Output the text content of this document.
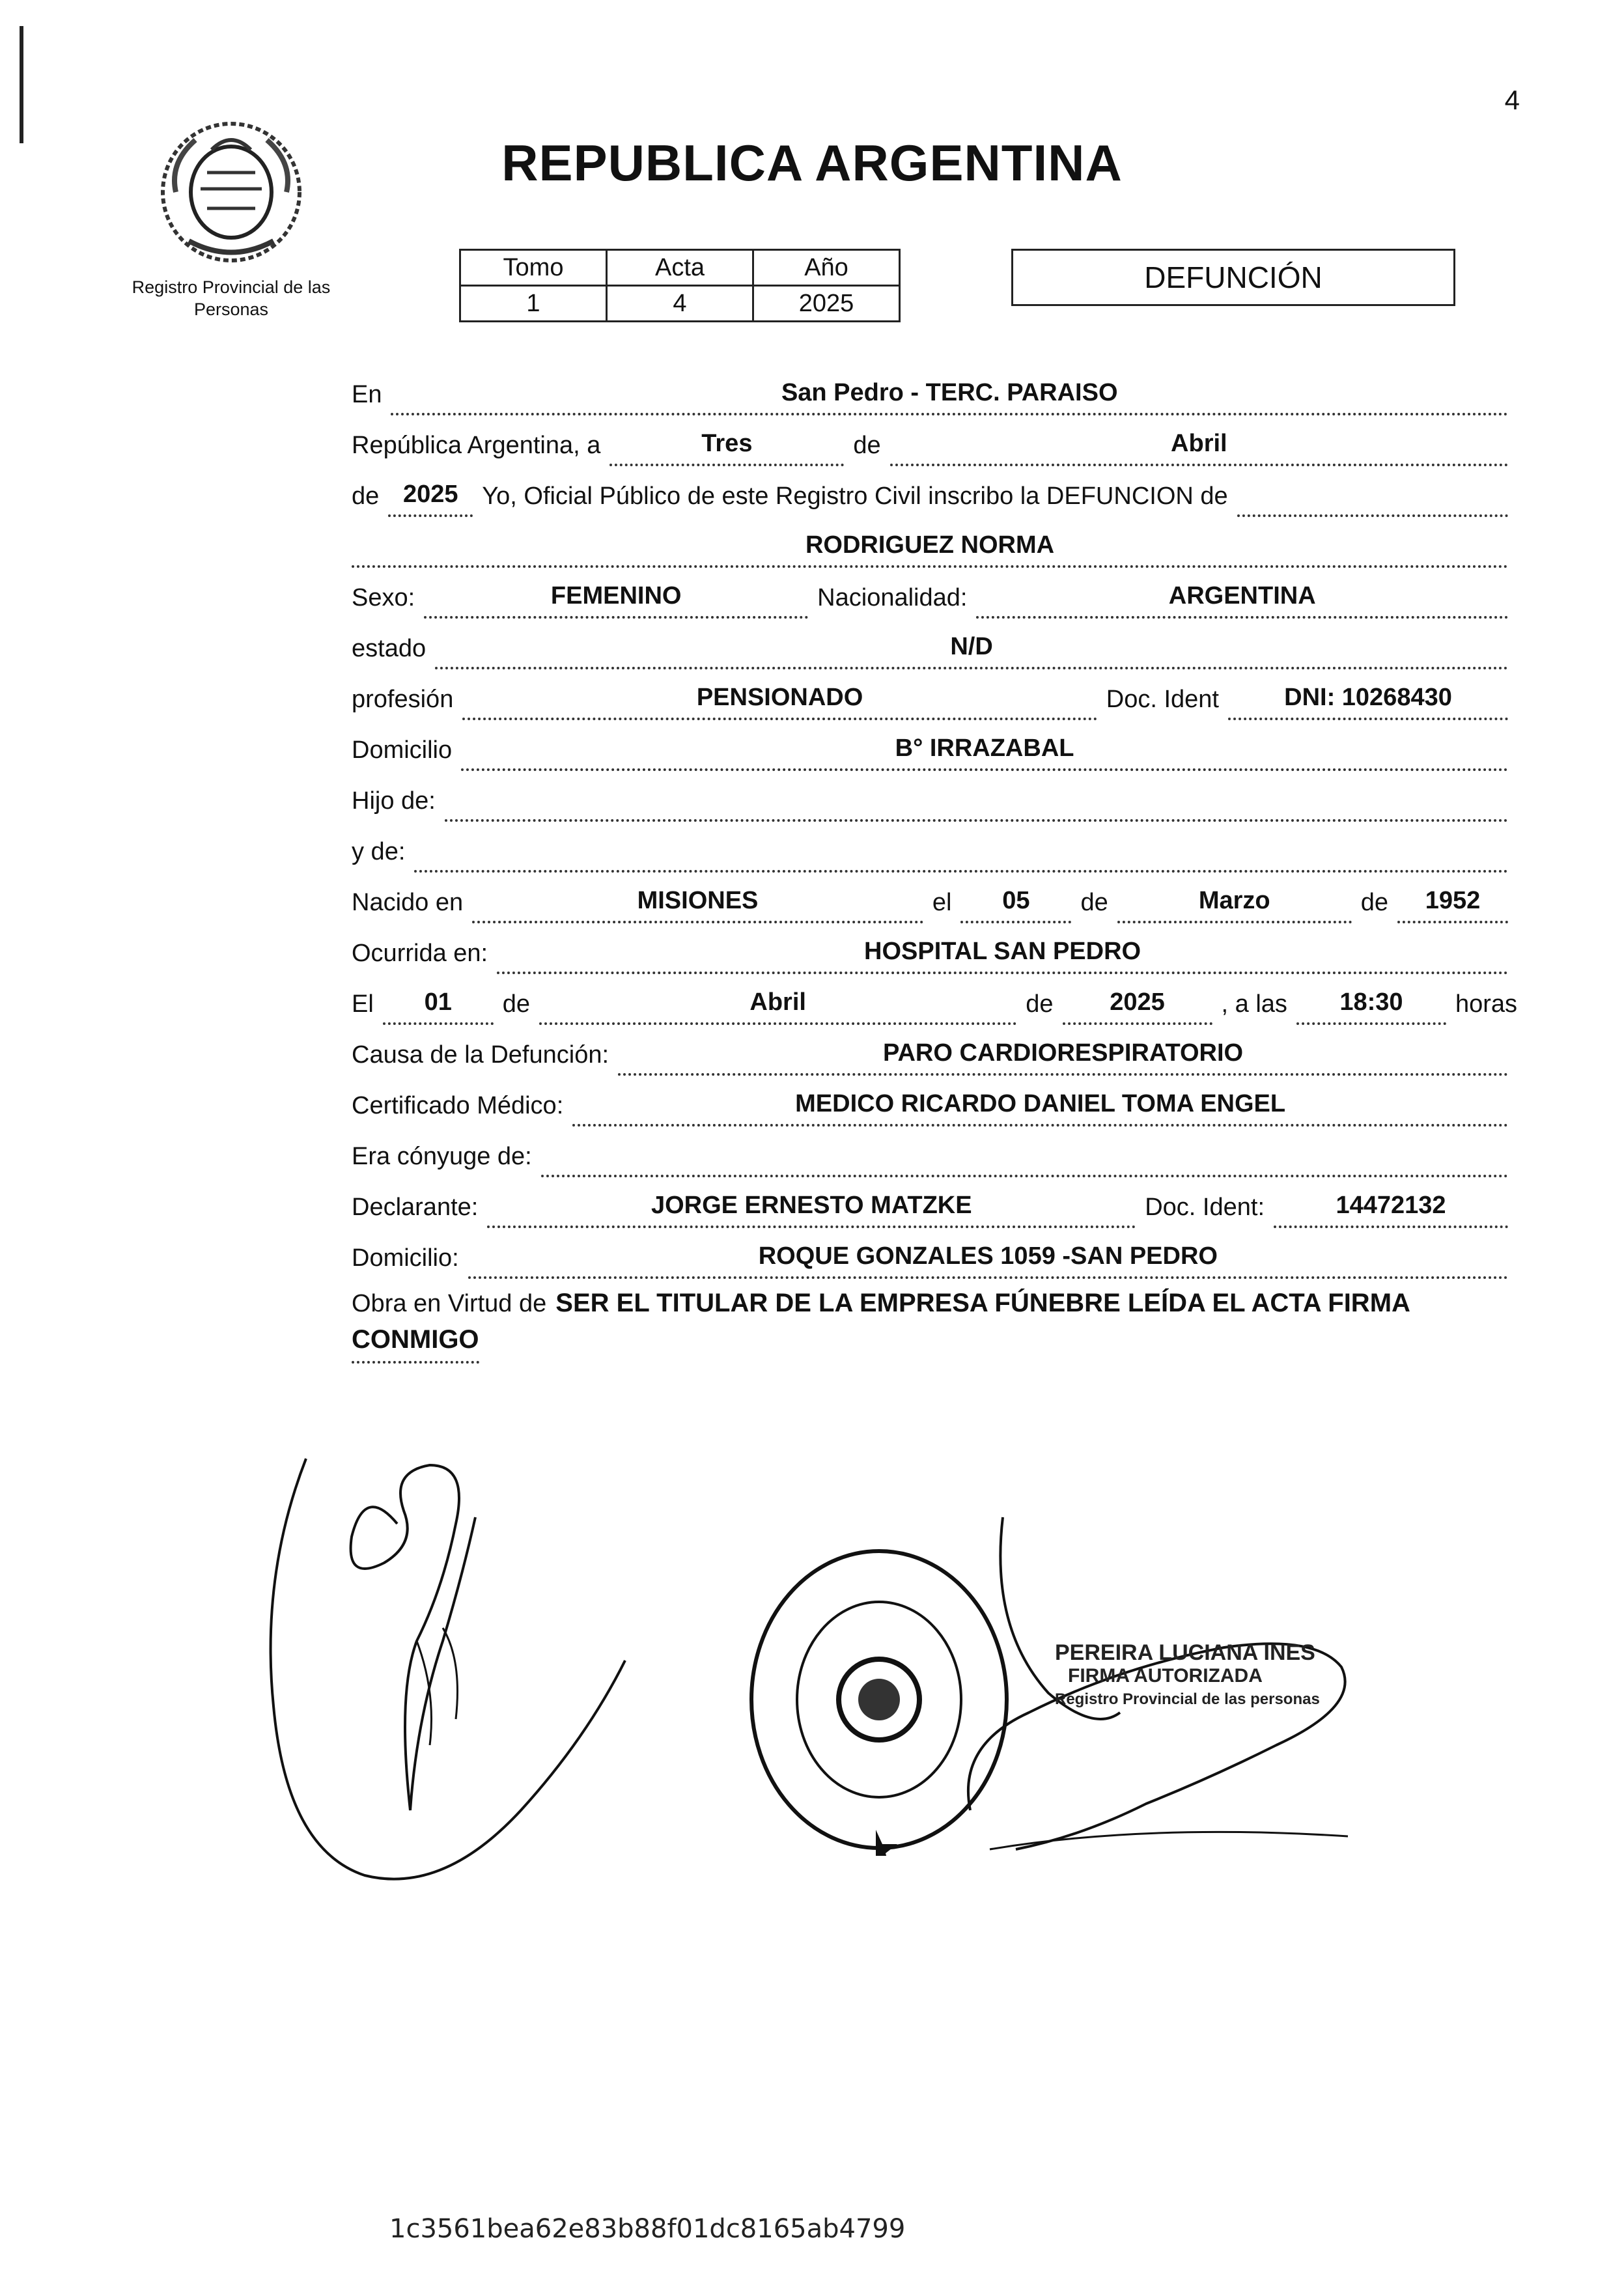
4
Registro Provincial de las Personas
REPUBLICA ARGENTINA
Tomo	Acta	Año
1	4	2025
DEFUNCIÓN
En	San Pedro - TERC. PARAISO
República Argentina, a	Tres	de	Abril
de 2025 Yo, Oficial Público de este Registro Civil inscribo la DEFUNCION de
RODRIGUEZ NORMA
Sexo:	FEMENINO	Nacionalidad:	ARGENTINA
estado	N/D
profesión	PENSIONADO	Doc. Ident	DNI: 10268430
Domicilio	B° IRRAZABAL
Hijo de:
y de:
Nacido en	MISIONES	el	05	de	Marzo	de	1952
Ocurrida en:	HOSPITAL SAN PEDRO
El	01	de	Abril	de	2025	, a las	18:30	horas
Causa de la Defunción:	PARO CARDIORESPIRATORIO
Certificado Médico:	MEDICO RICARDO DANIEL TOMA ENGEL
Era cónyuge de:
Declarante:	JORGE ERNESTO MATZKE	Doc. Ident:	14472132
Domicilio:	ROQUE GONZALES 1059 -SAN PEDRO
Obra en Virtud de SER EL TITULAR DE LA EMPRESA FÚNEBRE LEÍDA EL ACTA FIRMA
CONMIGO
PEREIRA LUCIANA INES
FIRMA AUTORIZADA
Registro Provincial de las personas
1c3561bea62e83b88f01dc8165ab4799
